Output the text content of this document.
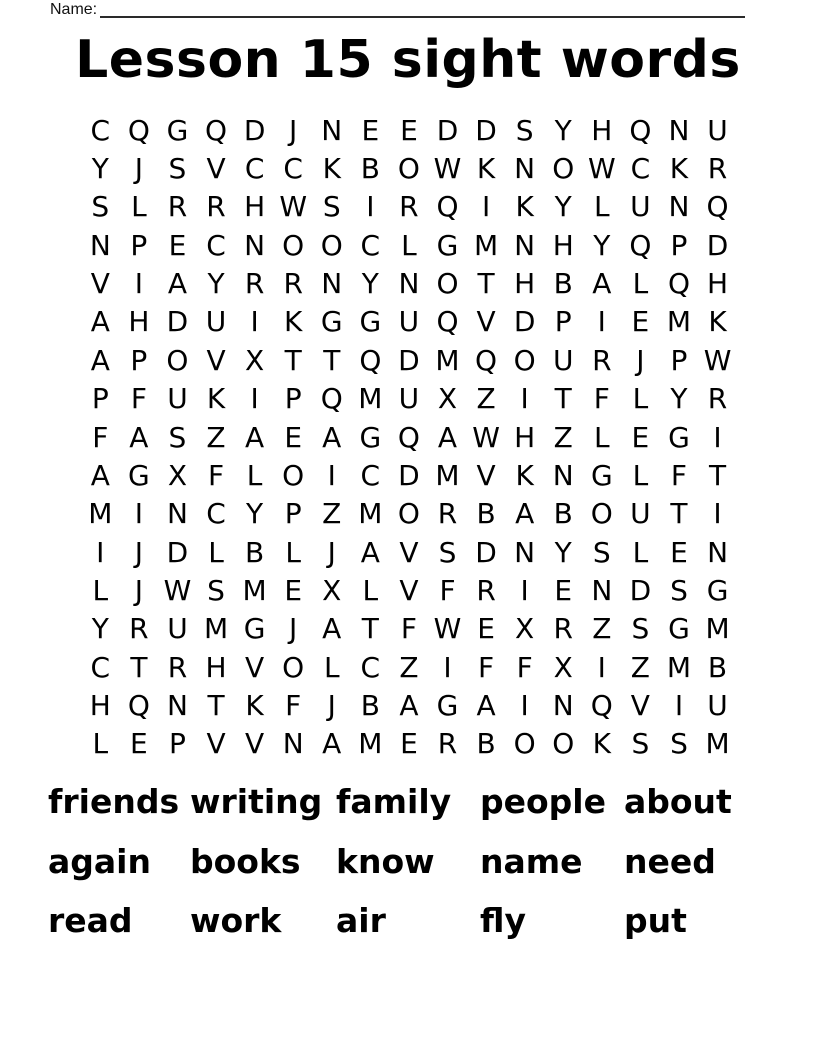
Name:
Lesson 15 sight words
C Q G Q D J N E E D D S Y H Q N U
Y J S V C C K B O W K N O W C K R
S L R R H W S I R Q I K Y L U N Q
N P E C N O O C L G M N H Y Q P D
V I A Y R R N Y N O T H B A L Q H
A H D U I K G G U Q V D P I E M K
A P O V X T T Q D M Q O U R J P W
P F U K I P Q M U X Z I T F L Y R
F A S Z A E A G Q A W H Z L E G I
A G X F L O I C D M V K N G L F T
M I N C Y P Z M O R B A B O U T I
I	J D L B L J A V S D N Y S L E N
L J W S M E X L V F R I E N D S G
Y R U M G J A T F W E X R Z S G M
C T R H V O L C Z I F F X I Z M B
H Q N T K F J B A G A I N Q V I U
L E P V V N A M E R B O O K S S M
friends writing family people about
again	books	know	name	need
read	work	air	fly	put
